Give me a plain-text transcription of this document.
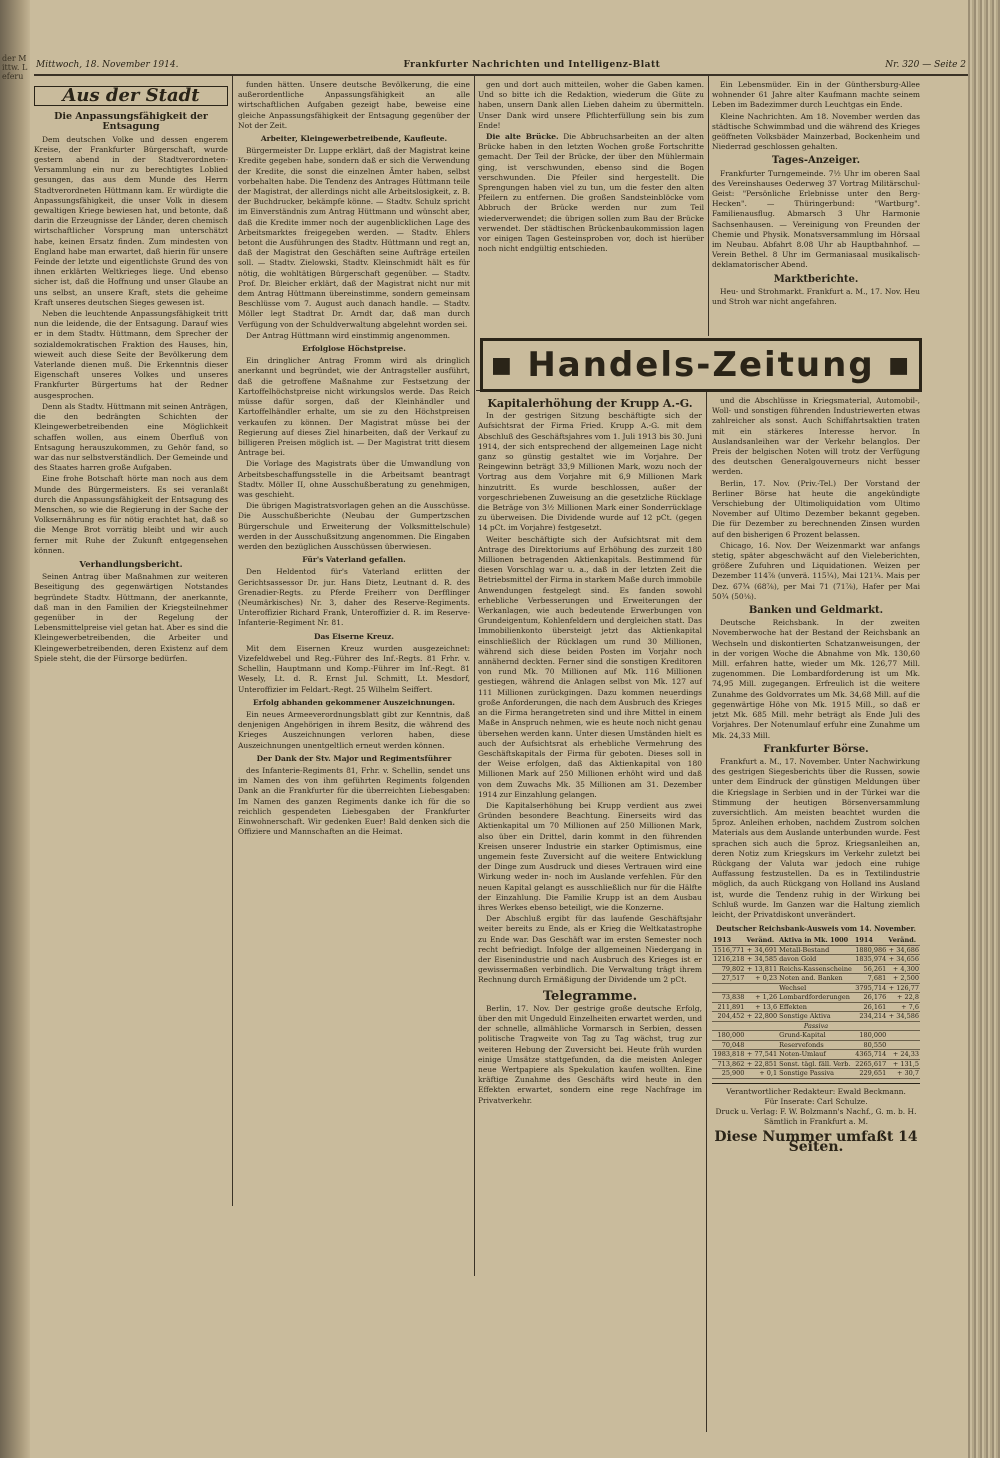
der Mittw. Leferu
Mittwoch, 18. November 1914.	Frankfurter Nachrichten und Intelligenz-Blatt	Nr. 320 — Seite 2
Aus der Stadt
Die Anpassungsfähigkeit der Entsagung

Dem deutschen Volke und dessen engerem Kreise, der Frankfurter Bürgerschaft, wurde gestern abend in der Stadtverordneten-Versammlung ein nur zu berechtigtes Loblied gesungen, das aus dem Munde des Herrn Stadtverordneten Hüttmann kam. Er würdigte die Anpassungsfähigkeit, die unser Volk in diesem gewaltigen Kriege bewiesen hat, und betonte, daß darin die Erzeugnisse der Länder, deren chemisch wirtschaftlicher Vorsprung man unterschätzt habe, keinen Ersatz finden. Zum mindesten von England habe man erwartet, daß hierin für unsere Feinde der letzte und eigentlichste Grund des von ihnen erklärten Weltkrieges liege. Und ebenso sicher ist, daß die Hoffnung und unser Glaube an uns selbst, an unsere Kraft, stets die geheime Kraft unseres deutschen Sieges gewesen ist.

Neben die leuchtende Anpassungsfähigkeit tritt nun die leidende, die der Entsagung. Darauf wies er in dem Stadtv. Hüttmann, dem Sprecher der sozialdemokratischen Fraktion des Hauses, hin, wieweit auch diese Seite der Bevölkerung dem Vaterlande dienen muß. Die Erkenntnis dieser Eigenschaft unseres Volkes und unseres Frankfurter Bürgertums hat der Redner ausgesprochen.

Denn als Stadtv. Hüttmann mit seinen Anträgen, die den bedrängten Schichten der Kleingewerbetreibenden eine Möglichkeit schaffen wollen, aus einem Überfluß von Entsagung herauszukommen, zu Gehör fand, so war das nur selbstverständlich. Der Gemeinde und des Staates harren große Aufgaben.

Eine frohe Botschaft hörte man noch aus dem Munde des Bürgermeisters. Es sei veranlaßt durch die Anpassungsfähigkeit der Entsagung des Menschen, so wie die Regierung in der Sache der Volksernährung es für nötig erachtet hat, daß so die Menge Brot vorrätig bleibt und wir auch ferner mit Ruhe der Zukunft entgegensehen können.

Verhandlungsbericht.

Seinen Antrag über Maßnahmen zur weiteren Beseitigung des gegenwärtigen Notstandes begründete Stadtv. Hüttmann, der anerkannte, daß man in den Familien der Kriegsteilnehmer gegenüber in der Regelung der Lebensmittelpreise viel getan hat. Aber es sind die Kleingewerbetreibenden, die Arbeiter und Kleingewerbetreibenden, deren Existenz auf dem Spiele steht, die der Fürsorge bedürfen.

funden hätten. Unsere deutsche Bevölkerung, die eine außerordentliche Anpassungsfähigkeit an alle wirtschaftlichen Aufgaben gezeigt habe, beweise eine gleiche Anpassungsfähigkeit der Entsagung gegenüber der Not der Zeit.

Arbeiter, Kleingewerbetreibende, Kaufleute.

Bürgermeister Dr. Luppe erklärt, daß der Magistrat keine Kredite gegeben habe, sondern daß er sich die Verwendung der Kredite, die sonst die einzelnen Ämter haben, selbst vorbehalten habe. Die Tendenz des Antrages Hüttmann teile der Magistrat, der allerdings nicht alle Arbeitslosigkeit, z. B. der Buchdrucker, bekämpfe könne. — Stadtv. Schulz spricht im Einverständnis zum Antrag Hüttmann und wünscht aber, daß die Kredite immer noch der augenblicklichen Lage des Arbeitsmarktes freigegeben werden. — Stadtv. Ehlers betont die Ausführungen des Stadtv. Hüttmann und regt an, daß der Magistrat den Geschäften seine Aufträge erteilen soll. — Stadtv. Zielowski, Stadtv. Kleinschmidt hält es für nötig, die wohltätigen Bürgerschaft gegenüber. — Stadtv. Prof. Dr. Bleicher erklärt, daß der Magistrat nicht nur mit dem Antrag Hüttmann übereinstimme, sondern gemeinsam Beschlüsse vom 7. August auch danach handle. — Stadtv. Möller legt Stadtrat Dr. Arndt dar, daß man durch Verfügung von der Schuldverwaltung abgelehnt worden sei.

Der Antrag Hüttmann wird einstimmig angenommen.

Erfolglose Höchstpreise.

Ein dringlicher Antrag Fromm wird als dringlich anerkannt und begründet, wie der Antragsteller ausführt, daß die getroffene Maßnahme zur Festsetzung der Kartoffelhöchstpreise nicht wirkungslos werde. Das Reich müsse dafür sorgen, daß der Kleinhändler und Kartoffelhändler erhalte, um sie zu den Höchstpreisen verkaufen zu können. Der Magistrat müsse bei der Regierung auf dieses Ziel hinarbeiten, daß der Verkauf zu billigeren Preisen möglich ist. — Der Magistrat tritt diesem Antrage bei.

Die Vorlage des Magistrats über die Umwandlung von Arbeitsbeschaffungsstelle in die Arbeitsamt beantragt Stadtv. Möller II, ohne Ausschußberatung zu genehmigen, was geschieht.

Die übrigen Magistratsvorlagen gehen an die Ausschüsse. Die Ausschußberichte (Neubau der Gumpertzschen Bürgerschule und Erweiterung der Volksmittelschule) werden in der Ausschußsitzung angenommen. Die Eingaben werden den bezüglichen Ausschüssen überwiesen.

Für's Vaterland gefallen.

Den Heldentod für's Vaterland erlitten der Gerichtsassessor Dr. jur. Hans Dietz, Leutnant d. R. des Grenadier-Regts. zu Pferde Freiherr von Derfflinger (Neumärkisches) Nr. 3, daher des Reserve-Regiments. Unteroffizier Richard Frank, Unteroffizier d. R. im Reserve-Infanterie-Regiment Nr. 81.

Das Eiserne Kreuz.

Mit dem Eisernen Kreuz wurden ausgezeichnet: Vizefeldwebel und Reg.-Führer des Inf.-Regts. 81 Frhr. v. Schellin, Hauptmann und Komp.-Führer im Inf.-Regt. 81 Wesely, Lt. d. R. Ernst Jul. Schmitt, Lt. Mesdorf, Unteroffizier im Feldart.-Regt. 25 Wilhelm Seiffert.

Erfolg abhanden gekommener Auszeichnungen.

Ein neues Armeeverordnungsblatt gibt zur Kenntnis, daß denjenigen Angehörigen in ihrem Besitz, die während des Krieges Auszeichnungen verloren haben, diese Auszeichnungen unentgeltlich erneut werden können.

Der Dank der Stv. Major und Regimentsführer

des Infanterie-Regiments 81, Frhr. v. Schellin, sendet uns im Namen des von ihm geführten Regiments folgenden Dank an die Frankfurter für die überreichten Liebesgaben: Im Namen des ganzen Regiments danke ich für die so reichlich gespendeten Liebesgaben der Frankfurter Einwohnerschaft. Wir gedenken Euer! Bald denken sich die Offiziere und Mannschaften an die Heimat.

gen und dort auch mitteilen, woher die Gaben kamen. Und so bitte ich die Redaktion, wiederum die Güte zu haben, unsern Dank allen Lieben daheim zu übermitteln. Unser Dank wird unsere Pflichterfüllung sein bis zum Ende!

Die alte Brücke. Die Abbruchsarbeiten an der alten Brücke haben in den letzten Wochen große Fortschritte gemacht. Der Teil der Brücke, der über den Mühlermain ging, ist verschwunden, ebenso sind die Bogen verschwunden. Die Pfeiler sind hergestellt. Die Sprengungen haben viel zu tun, um die fester den alten Pfeilern zu entfernen. Die großen Sandsteinblöcke vom Abbruch der Brücke werden nur zum Teil wiederverwendet; die übrigen sollen zum Bau der Brücke verwendet. Der städtischen Brückenbaukommission lagen vor einigen Tagen Gesteinsproben vor, doch ist hierüber noch nicht endgültig entschieden.

Ein Lebensmüder. Ein in der Günthersburg-Allee wohnender 61 Jahre alter Kaufmann machte seinem Leben im Badezimmer durch Leuchtgas ein Ende.

Kleine Nachrichten. Am 18. November werden das städtische Schwimmbad und die während des Krieges geöffneten Volksbäder Mainzerbad, Bockenheim und Niederrad geschlossen gehalten.

Tages-Anzeiger.

Frankfurter Turngemeinde. 7½ Uhr im oberen Saal des Vereinshauses Oederweg 37 Vortrag Militärschul-Geist: "Persönliche Erlebnisse unter den Berg-Hecken". — Thüringerbund: "Wartburg". Familienausflug. Abmarsch 3 Uhr Harmonie Sachsenhausen. — Vereinigung von Freunden der Chemie und Physik. Monatsversammlung im Hörsaal im Neubau. Abfahrt 8.08 Uhr ab Hauptbahnhof. — Verein Bethel. 8 Uhr im Germaniasaal musikalisch-deklamatorischer Abend.

Marktberichte.

Heu- und Strohmarkt. Frankfurt a. M., 17. Nov. Heu und Stroh war nicht angefahren.

■ Handels-Zeitung ■
Kapitalerhöhung der Krupp A.-G.

In der gestrigen Sitzung beschäftigte sich der Aufsichtsrat der Firma Fried. Krupp A.-G. mit dem Abschluß des Geschäftsjahres vom 1. Juli 1913 bis 30. Juni 1914, der sich entsprechend der allgemeinen Lage nicht ganz so günstig gestaltet wie im Vorjahre. Der Reingewinn beträgt 33,9 Millionen Mark, wozu noch der Vortrag aus dem Vorjahre mit 6,9 Millionen Mark hinzutritt. Es wurde beschlossen, außer der vorgeschriebenen Zuweisung an die gesetzliche Rücklage die Beträge von 3½ Millionen Mark einer Sonderrücklage zu überweisen. Die Dividende wurde auf 12 pCt. (gegen 14 pCt. im Vorjahre) festgesetzt.

Weiter beschäftigte sich der Aufsichtsrat mit dem Antrage des Direktoriums auf Erhöhung des zurzeit 180 Millionen betragenden Aktienkapitals. Bestimmend für diesen Vorschlag war u. a., daß in der letzten Zeit die Betriebsmittel der Firma in starkem Maße durch immobile Anwendungen festgelegt sind. Es fanden sowohl erhebliche Verbesserungen und Erweiterungen der Werkanlagen, wie auch bedeutende Erwerbungen von Grundeigentum, Kohlenfeldern und dergleichen statt. Das Immobilienkonto übersteigt jetzt das Aktienkapital einschließlich der Rücklagen um rund 30 Millionen, während sich diese beiden Posten im Vorjahr noch annähernd deckten. Ferner sind die sonstigen Kreditoren von rund Mk. 70 Millionen auf Mk. 116 Millionen gestiegen, während die Anlagen selbst von Mk. 127 auf 111 Millionen zurückgingen. Dazu kommen neuerdings große Anforderungen, die nach dem Ausbruch des Krieges an die Firma herangetreten sind und ihre Mittel in einem Maße in Anspruch nehmen, wie es heute noch nicht genau übersehen werden kann. Unter diesen Umständen hielt es auch der Aufsichtsrat als erhebliche Vermehrung des Geschäftskapitals der Firma für geboten. Dieses soll in der Weise erfolgen, daß das Aktienkapital von 180 Millionen Mark auf 250 Millionen erhöht wird und daß von dem Zuwachs Mk. 35 Millionen am 31. Dezember 1914 zur Einzahlung gelangen.

Die Kapitalserhöhung bei Krupp verdient aus zwei Gründen besondere Beachtung. Einerseits wird das Aktienkapital um 70 Millionen auf 250 Millionen Mark, also über ein Drittel, darin kommt in den führenden Kreisen unserer Industrie ein starker Optimismus, eine ungemein feste Zuversicht auf die weitere Entwicklung der Dinge zum Ausdruck und dieses Vertrauen wird eine Wirkung weder in- noch im Auslande verfehlen. Für den neuen Kapital gelangt es ausschließlich nur für die Hälfte der Einzahlung. Die Familie Krupp ist an dem Ausbau ihres Werkes ebenso beteiligt, wie die Konzerne.

Der Abschluß ergibt für das laufende Geschäftsjahr weiter bereits zu Ende, als er Krieg die Weltkatastrophe zu Ende war. Das Geschäft war im ersten Semester noch recht befriedigt. Infolge der allgemeinen Niedergang in der Eisenindustrie und nach Ausbruch des Krieges ist er gewissermaßen verbindlich. Die Verwaltung trägt ihrem Rechnung durch Ermäßigung der Dividende um 2 pCt.

Telegramme.

Berlin, 17. Nov. Der gestrige große deutsche Erfolg, über den mit Ungeduld Einzelheiten erwartet werden, und der schnelle, allmähliche Vormarsch in Serbien, dessen politische Tragweite von Tag zu Tag wächst, trug zur weiteren Hebung der Zuversicht bei. Heute früh wurden einige Umsätze stattgefunden, da die meisten Anleger neue Wertpapiere als Spekulation kaufen wollten. Eine kräftige Zunahme des Geschäfts wird heute in den Effekten erwartet, sondern eine rege Nachfrage im Privatverkehr.

und die Abschlüsse in Kriegsmaterial, Automobil-, Woll- und sonstigen führenden Industriewerten etwas zahlreicher als sonst. Auch Schiffahrtsaktien traten mit ein stärkeres Interesse hervor. In Auslandsanleihen war der Verkehr belanglos. Der Preis der belgischen Noten will trotz der Verfügung des deutschen Generalgouverneurs nicht besser werden.

Berlin, 17. Nov. (Priv.-Tel.) Der Vorstand der Berliner Börse hat heute die angekündigte Verschiebung der Ultimoliquidation vom Ultimo November auf Ultimo Dezember bekannt gegeben. Die für Dezember zu berechnenden Zinsen wurden auf den bisherigen 6 Prozent belassen.

Chicago, 16. Nov. Der Weizenmarkt war anfangs stetig, später abgeschwächt auf den Vieleberichten, größere Zufuhren und Liquidationen. Weizen per Dezember 114⅞ (unverä. 115¼), Mai 121¼. Mais per Dez. 67¾ (68⅞), per Mai 71 (71⅞), Hafer per Mai 50¾ (50⅛).

Banken und Geldmarkt.

Deutsche Reichsbank. In der zweiten Novemberwoche hat der Bestand der Reichsbank an Wechseln und diskontierten Schatzanweisungen, der in der vorigen Woche die Abnahme von Mk. 130,60 Mill. erfahren hatte, wieder um Mk. 126,77 Mill. zugenommen. Die Lombardforderung ist um Mk. 74,95 Mill. zugegangen. Erfreulich ist die weitere Zunahme des Goldvorrates um Mk. 34,68 Mill. auf die gegenwärtige Höhe von Mk. 1915 Mill., so daß er jetzt Mk. 685 Mill. mehr beträgt als Ende Juli des Vorjahres. Der Notenumlauf erfuhr eine Zunahme um Mk. 24,33 Mill.

Frankfurter Börse.

Frankfurt a. M., 17. November. Unter Nachwirkung des gestrigen Siegesberichts über die Russen, sowie unter dem Eindruck der günstigen Meldungen über die Kriegslage in Serbien und in der Türkei war die Stimmung der heutigen Börsenversammlung zuversichtlich. Am meisten beachtet wurden die 5proz. Anleihen erhoben, nachdem Zustrom solchen Materials aus dem Auslande unterbunden wurde. Fest sprachen sich auch die 5proz. Kriegsanleihen an, deren Notiz zum Kriegskurs im Verkehr zuletzt bei Rückgang der Valuta war jedoch eine ruhige Auffassung festzustellen. Da es in Textilindustrie möglich, da auch Rückgang von Holland ins Ausland ist, wurde die Tendenz ruhig in der Wirkung bei Schluß wurde. Im Ganzen war die Haltung ziemlich leicht, der Privatdiskont unverändert.

Deutscher Reichsbank-Ausweis vom 14. November.
1913	Veränd.	Aktiva in Mk. 1000	1914	Veränd.
1516,771	+ 34,691	Metall-Bestand	1880,986	+ 34,686
1216,218	+ 34,585	davon Gold	1835,974	+ 34,656
79,802	+ 13,811	Reichs-Kassenscheine	56,261	+ 4,300
27,517	+ 0,23	Noten and. Banken	7,681	+ 2,500
		Wechsel	3795,714	+ 126,77
73,838	+ 1,26	Lombardforderungen	26,176	+ 22,8
211,891	+ 13,6	Effekten	26,161	+ 7,6
204,452	+ 22,800	Sonstige Aktiva	234,214	+ 34,586
Passiva				
180,000		Grund-Kapital	180,000	
70,048		Reservefonds	80,550	
1983,818	+ 77,541	Noten-Umlauf	4365,714	+ 24,33
713,862	+ 22,851	Sonst. tägl. fäll. Verb.	2265,617	+ 131,5
25,900	+ 0,1	Sonstige Passiva	229,651	+ 30,7
Verantwortlicher Redakteur: Ewald Beckmann.
Für Inserate: Carl Schulze.
Druck u. Verlag: F. W. Bolzmann's Nachf., G. m. b. H. Sämtlich in Frankfurt a. M.
Diese Nummer umfaßt 14 Seiten.
